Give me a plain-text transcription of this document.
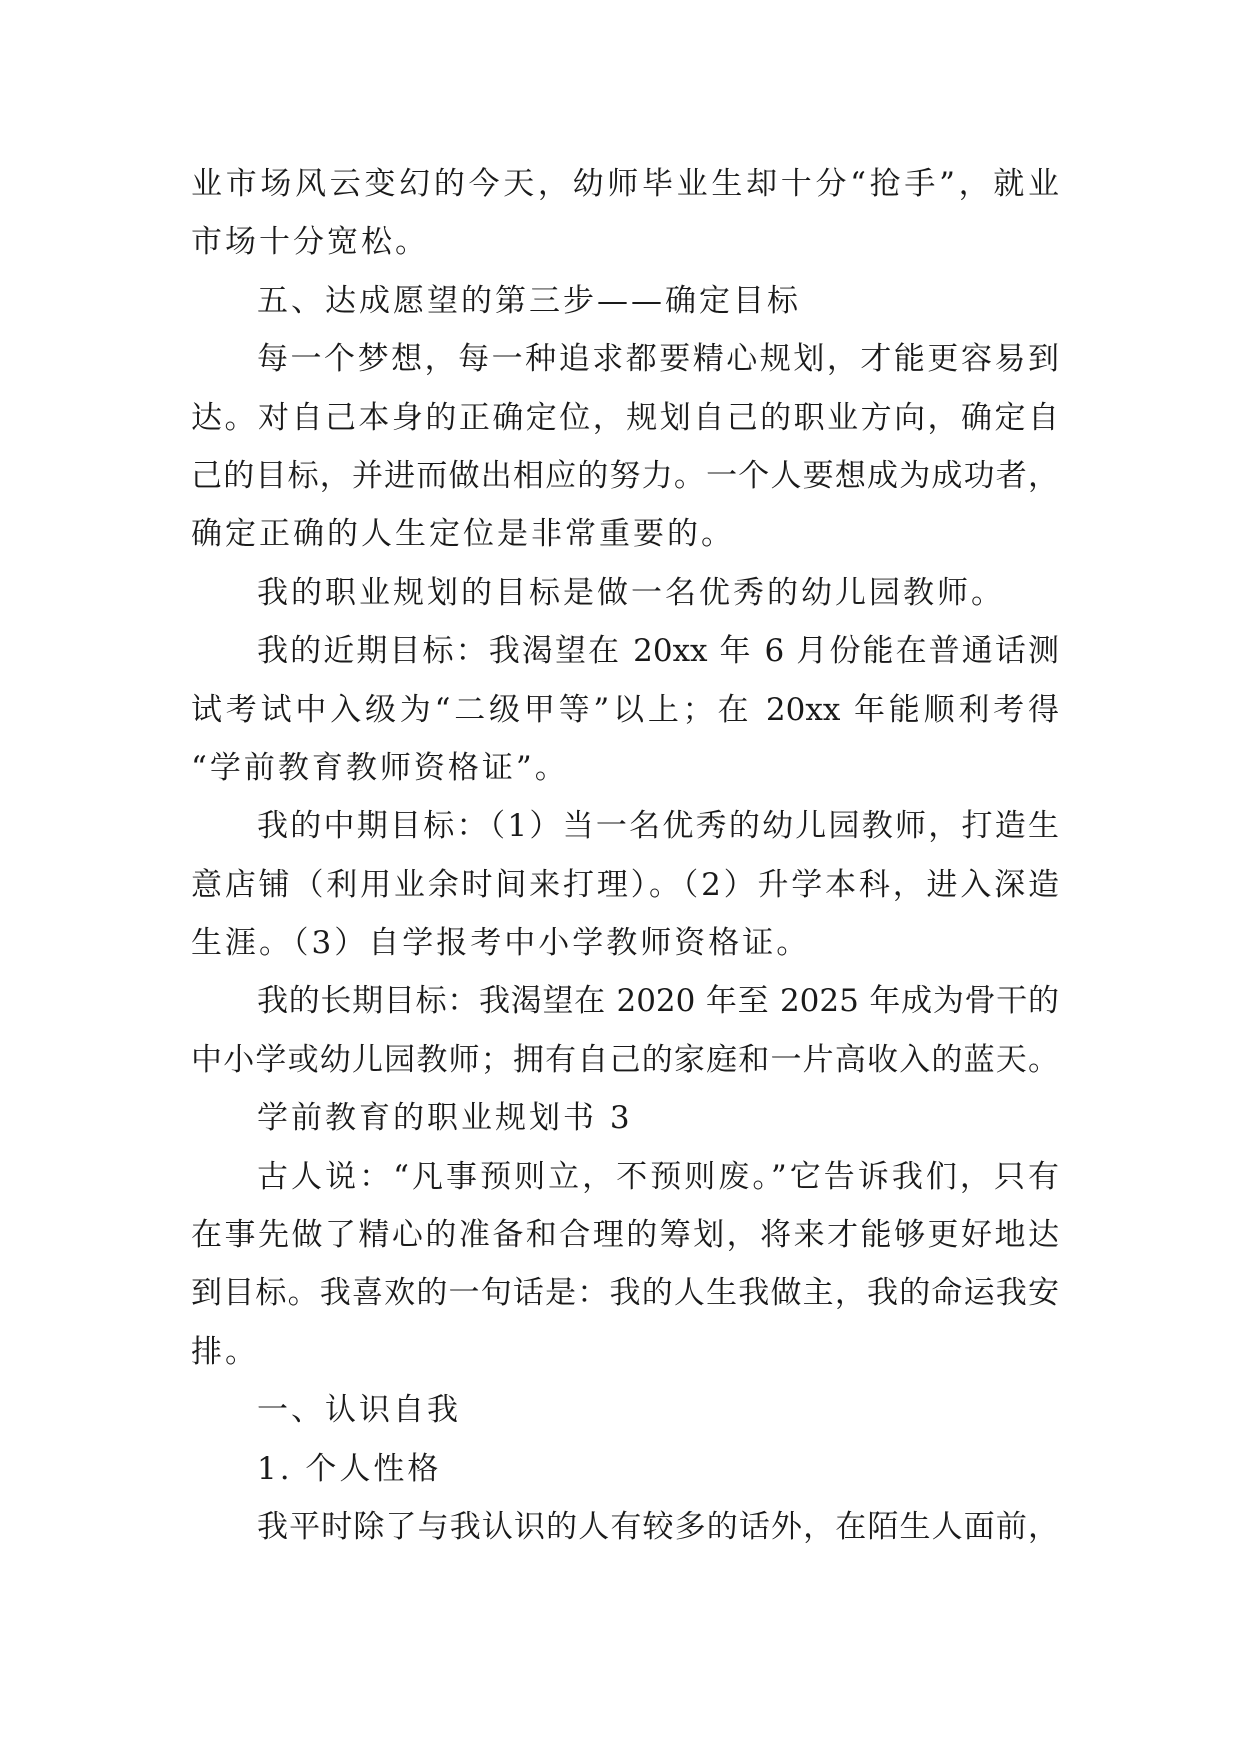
业市场风云变幻的今天，幼师毕业生却十分“抢手”，就业
市场十分宽松。
五、达成愿望的第三步——确定目标
每一个梦想，每一种追求都要精心规划，才能更容易到
达。对自己本身的正确定位，规划自己的职业方向，确定自
己的目标，并进而做出相应的努力。一个人要想成为成功者，
确定正确的人生定位是非常重要的。
我的职业规划的目标是做一名优秀的幼儿园教师。
我的近期目标：我渴望在 20xx 年 6 月份能在普通话测
试考试中入级为“二级甲等”以上；在 20xx 年能顺利考得
“学前教育教师资格证”。
我的中期目标：（1）当一名优秀的幼儿园教师，打造生
意店铺（利用业余时间来打理）。（2）升学本科，进入深造
生涯。（3）自学报考中小学教师资格证。
我的长期目标：我渴望在 2020 年至 2025 年成为骨干的
中小学或幼儿园教师；拥有自己的家庭和一片高收入的蓝天。
学前教育的职业规划书 3
古人说：“凡事预则立，不预则废。”它告诉我们，只有
在事先做了精心的准备和合理的筹划，将来才能够更好地达
到目标。我喜欢的一句话是：我的人生我做主，我的命运我安
排。
一、认识自我
1. 个人性格
我平时除了与我认识的人有较多的话外，在陌生人面前，
